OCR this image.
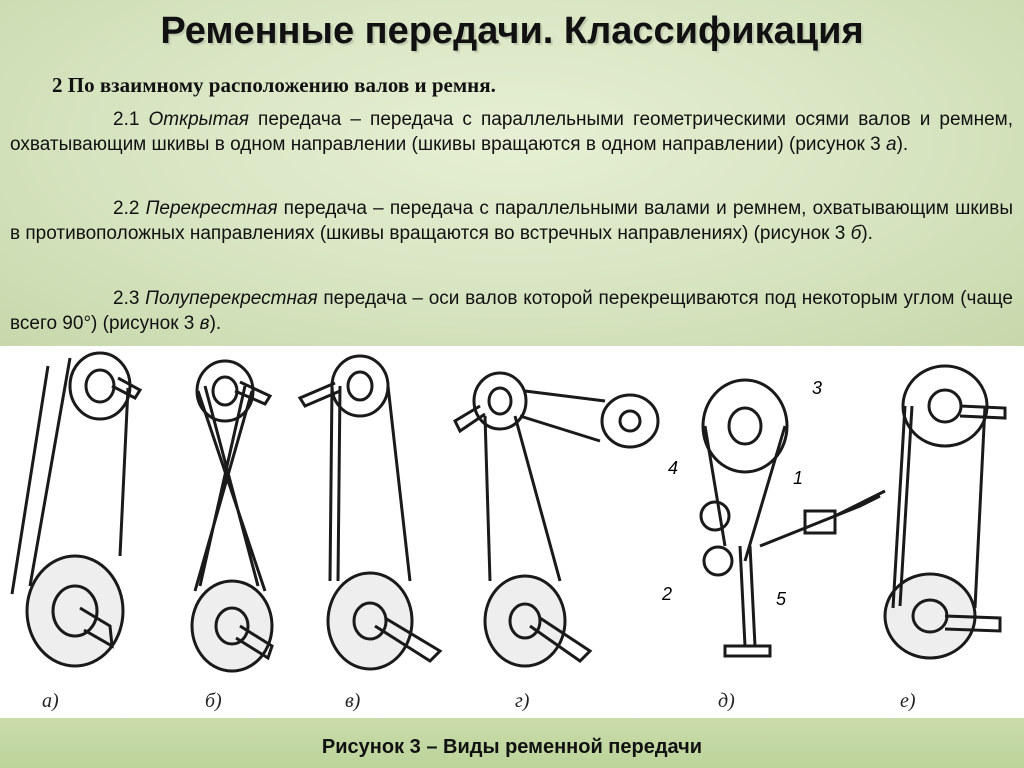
Ременные передачи. Классификация
2 По взаимному расположению валов и ремня.
2.1 Открытая передача – передача с параллельными геометрическими осями валов и ремнем, охватывающим шкивы в одном направлении (шкивы вращаются в одном направлении) (рисунок 3 а).
2.2 Перекрестная передача – передача с параллельными валами и ремнем, охватывающим шкивы в противоположных направлениях (шкивы вращаются во встречных направлениях) (рисунок 3 б).
2.3 Полуперекрестная передача – оси валов которой перекрещиваются под некоторым углом (чаще всего 90°) (рисунок 3 в).
1
2
3
4
5
а)	б)	в)	г)	д)	е)
Рисунок 3 – Виды ременной передачи
